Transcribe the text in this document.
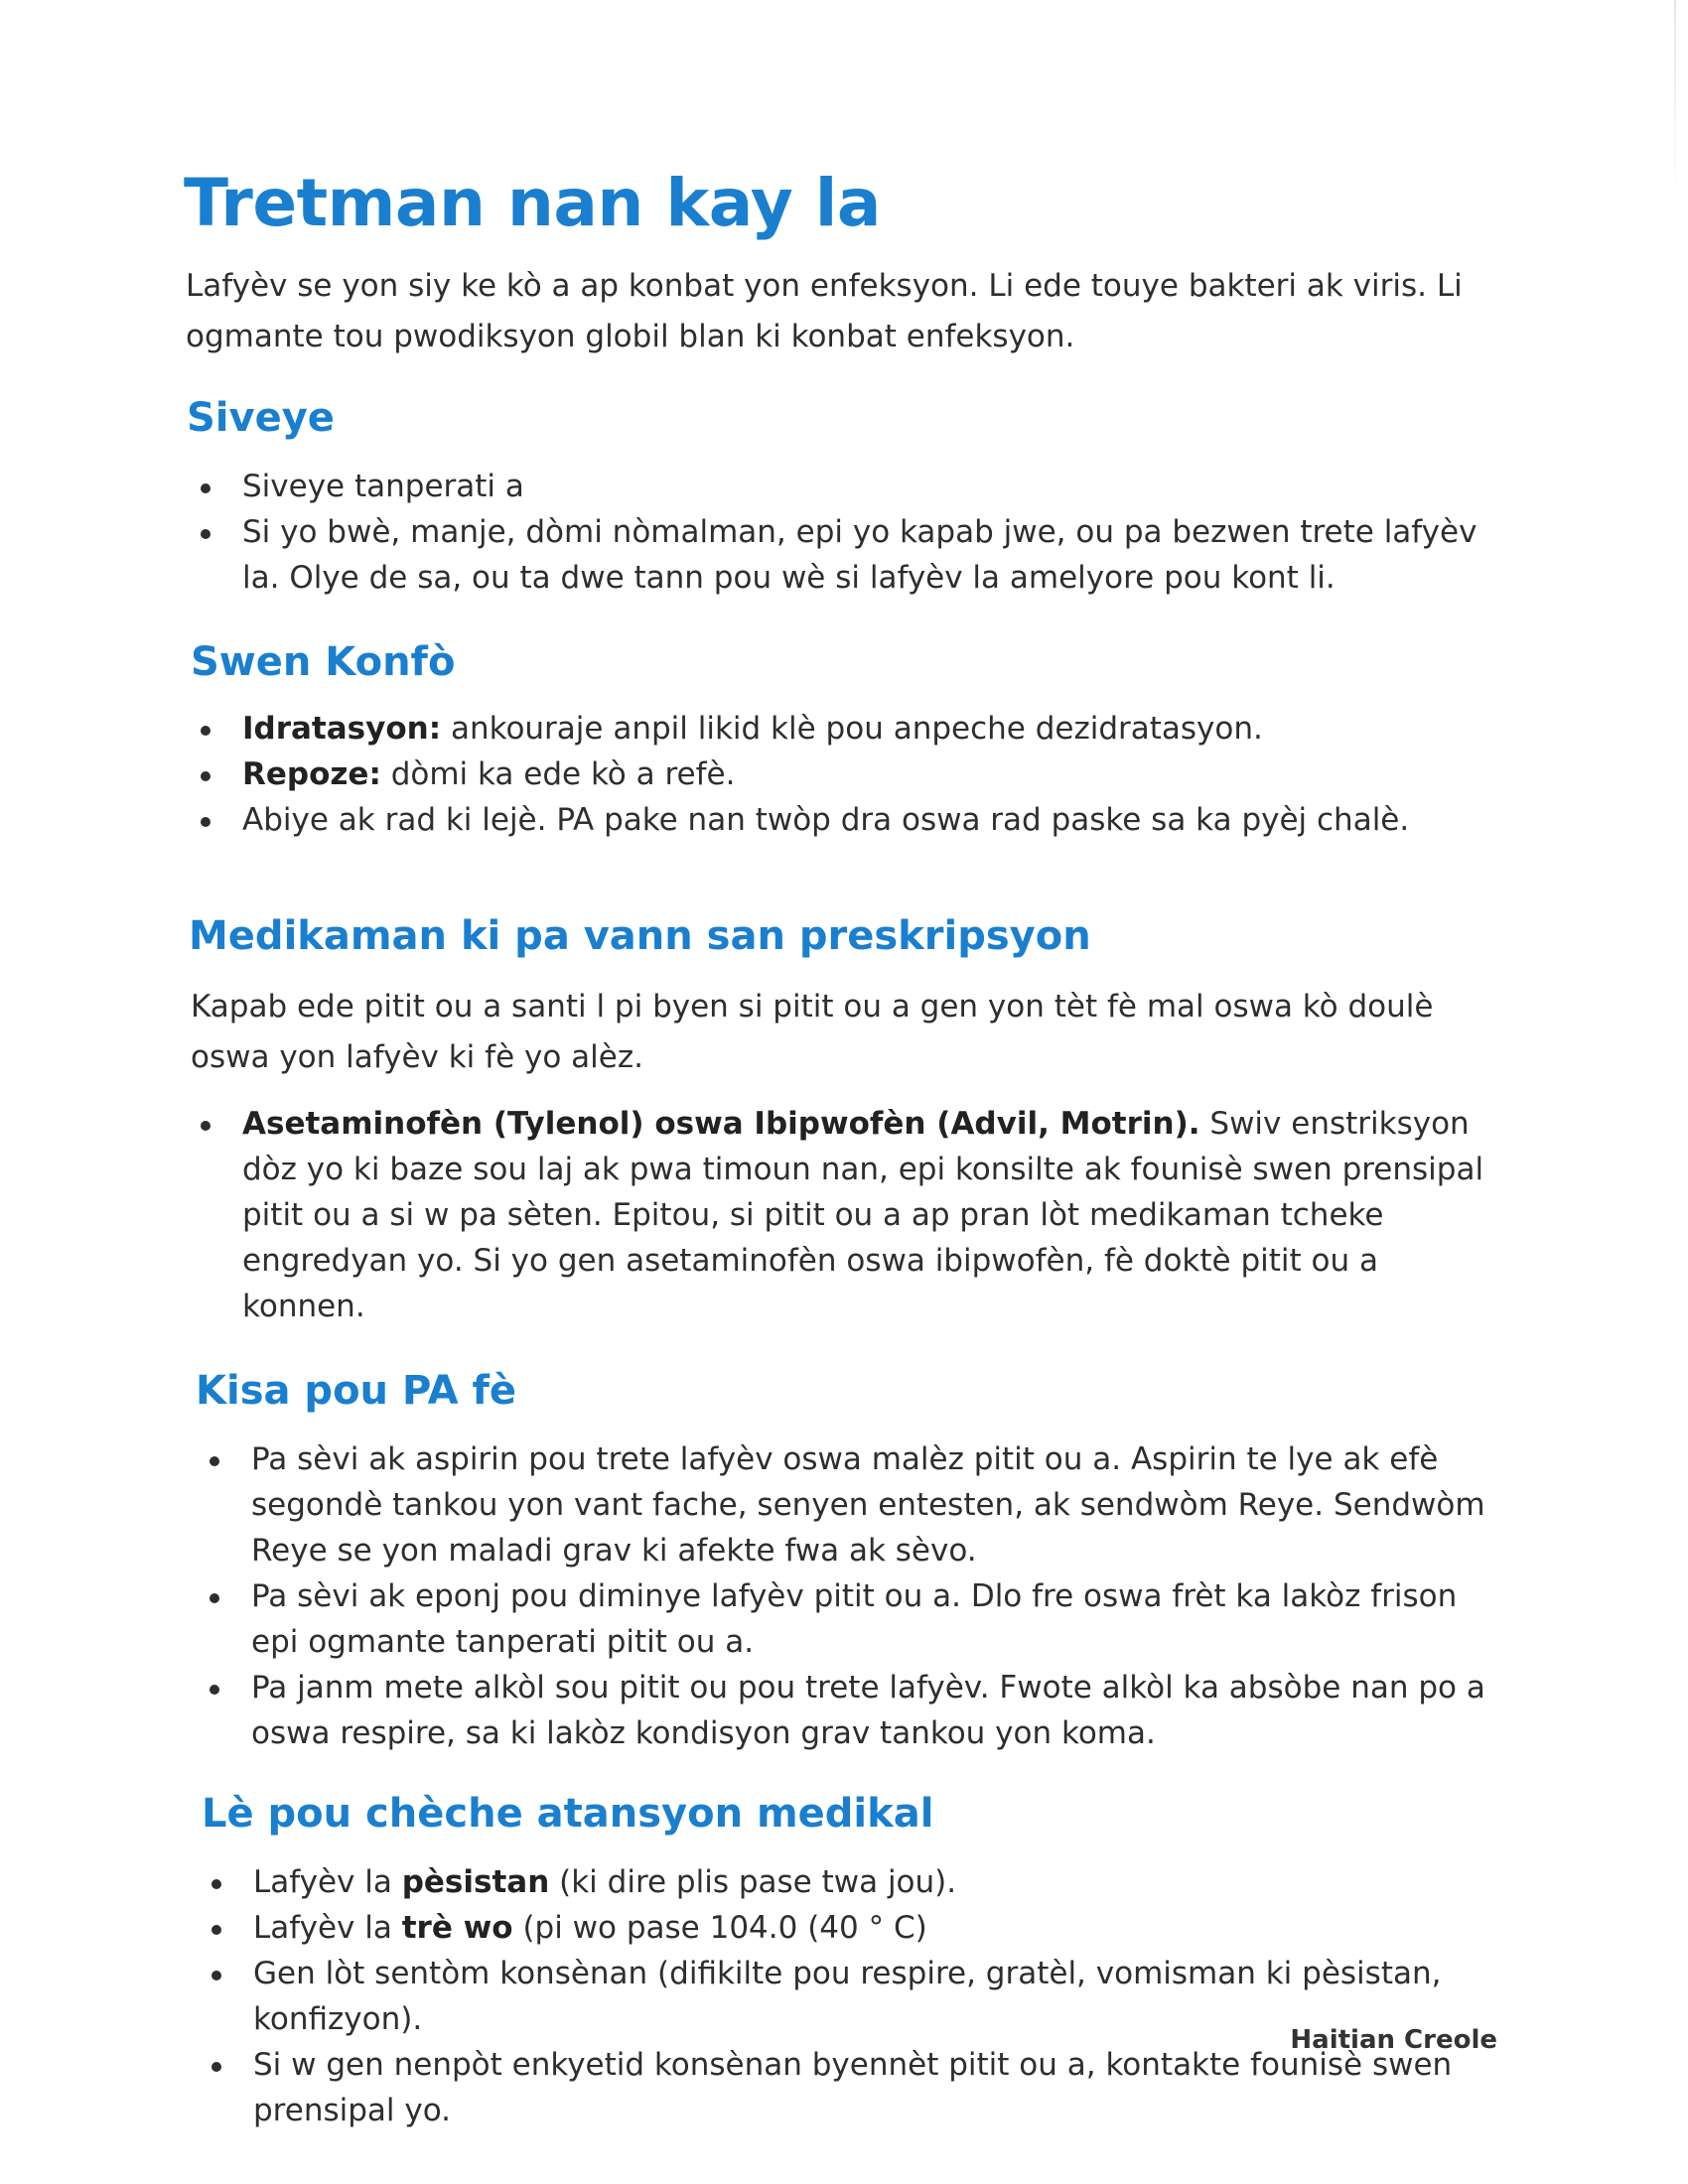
Tretman nan kay la

Lafyèv se yon siy ke kò a ap konbat yon enfeksyon. Li ede touye bakteri ak viris. Li ogmante tou pwodiksyon globil blan ki konbat enfeksyon.

Siveye
Siveye tanperati a
Si yo bwè, manje, dòmi nòmalman, epi yo kapab jwe, ou pa bezwen trete lafyèv la. Olye de sa, ou ta dwe tann pou wè si lafyèv la amelyore pou kont li.
Swen Konfò
Idratasyon: ankouraje anpil likid klè pou anpeche dezidratasyon.
Repoze: dòmi ka ede kò a refè.
Abiye ak rad ki lejè. PA pake nan twòp dra oswa rad paske sa ka pyèj chalè.
Medikaman ki pa vann san preskripsyon

Kapab ede pitit ou a santi l pi byen si pitit ou a gen yon tèt fè mal oswa kò doulè oswa yon lafyèv ki fè yo alèz.

Asetaminofèn (Tylenol) oswa Ibipwofèn (Advil, Motrin). Swiv enstriksyon dòz yo ki baze sou laj ak pwa timoun nan, epi konsilte ak founisè swen prensipal pitit ou a si w pa sèten. Epitou, si pitit ou a ap pran lòt medikaman tcheke engredyan yo. Si yo gen asetaminofèn oswa ibipwofèn, fè doktè pitit ou a konnen.
Kisa pou PA fè
Pa sèvi ak aspirin pou trete lafyèv oswa malèz pitit ou a. Aspirin te lye ak efè segondè tankou yon vant fache, senyen entesten, ak sendwòm Reye. Sendwòm Reye se yon maladi grav ki afekte fwa ak sèvo.
Pa sèvi ak eponj pou diminye lafyèv pitit ou a. Dlo fre oswa frèt ka lakòz frison epi ogmante tanperati pitit ou a.
Pa janm mete alkòl sou pitit ou pou trete lafyèv. Fwote alkòl ka absòbe nan po a oswa respire, sa ki lakòz kondisyon grav tankou yon koma.
Lè pou chèche atansyon medikal
Lafyèv la pèsistan (ki dire plis pase twa jou).
Lafyèv la trè wo (pi wo pase 104.0 (40 ° C)
Gen lòt sentòm konsènan (difikilte pou respire, gratèl, vomisman ki pèsistan, konfizyon).
Si w gen nenpòt enkyetid konsènan byennèt pitit ou a, kontakte founisè swen prensipal yo.
Haitian Creole
